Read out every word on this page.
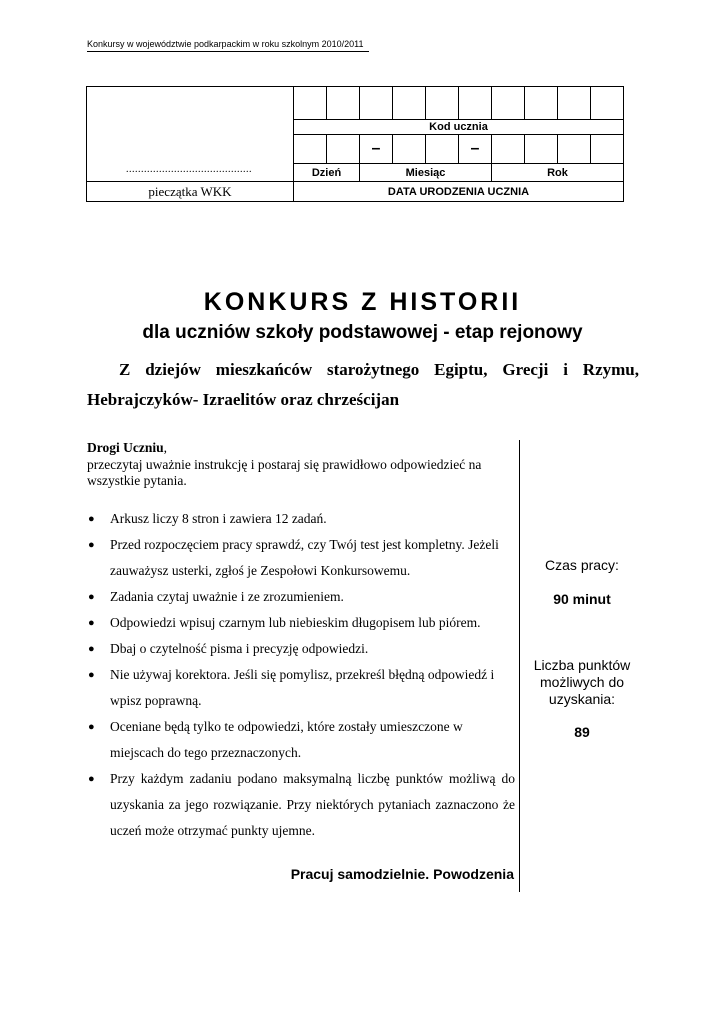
Konkursy w województwie podkarpackim w roku szkolnym 2010/2011
..........................................										

	Kod ucznia									
			–			–				
	Dzień		Miesiąc				Rok			
pieczątka WKK	DATA URODZENIA UCZNIA									
KONKURS Z HISTORII
dla uczniów szkoły podstawowej - etap rejonowy
Z dziejów mieszkańców starożytnego Egiptu, Grecji i Rzymu,
Hebrajczyków- Izraelitów oraz chrześcijan
Drogi Uczniu,
przeczytaj uważnie instrukcję i postaraj się prawidłowo odpowiedzieć na wszystkie pytania.
● Arkusz liczy 8 stron i zawiera 12 zadań.
● Przed rozpoczęciem pracy sprawdź, czy Twój test jest kompletny. Jeżeli zauważysz usterki, zgłoś je Zespołowi Konkursowemu.
● Zadania czytaj uważnie i ze zrozumieniem.
● Odpowiedzi wpisuj czarnym lub niebieskim długopisem lub piórem.
● Dbaj o czytelność pisma i precyzję odpowiedzi.
● Nie używaj korektora. Jeśli się pomylisz, przekreśl błędną odpowiedź i wpisz poprawną.
● Oceniane będą tylko te odpowiedzi, które zostały umieszczone w miejscach do tego przeznaczonych.
● Przy każdym zadaniu podano maksymalną liczbę punktów możliwą do uzyskania za jego rozwiązanie. Przy niektórych pytaniach zaznaczono że uczeń może otrzymać punkty ujemne.
Pracuj samodzielnie. Powodzenia
Czas pracy:
90 minut
Liczba punktów możliwych do uzyskania:
89
